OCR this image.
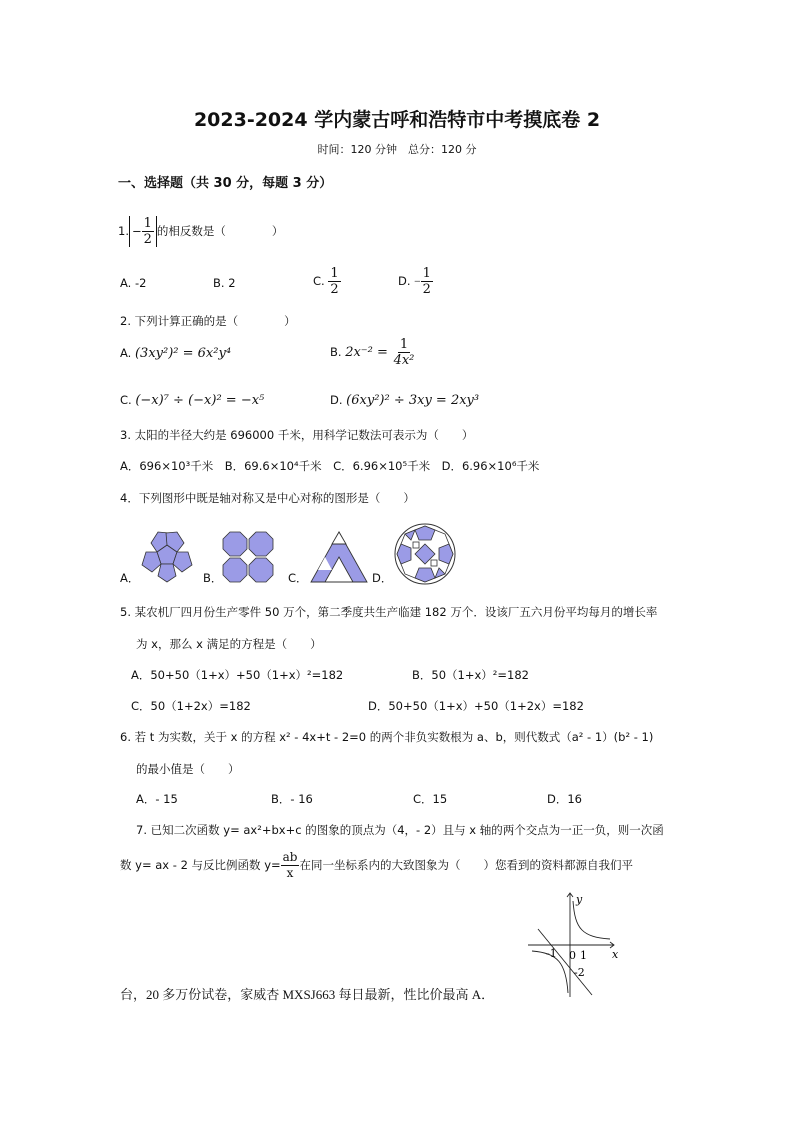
2023-2024 学内蒙古呼和浩特市中考摸底卷 2
时间：120 分钟　总分：120 分
一、选择题（共 30 分，每题 3 分）
1. − $\frac{1}{2}$ 的相反数是（　　　　）
A. -2	B. 2	C. $\frac{1}{2}$	D. − $\frac{1}{2}$
2. 下列计算正确的是（　　　　）
A. (3xy²)² = 6x²y⁴	B. $2x^{-2} = \frac{1}{\text{4x²}}$
C. (−x)⁷ ÷ (−x)² = −x⁵	D. (6xy²)² ÷ 3xy = 2xy³
3. 太阳的半径大约是 696000 千米，用科学记数法可表示为（　　）
A．696×10³千米　B．69.6×10⁴千米　C．6.96×10⁵千米　D．6.96×10⁶千米
4．下列图形中既是轴对称又是中心对称的图形是（　　）
A．	B．	C．	D．
5. 某农机厂四月份生产零件 50 万个，第二季度共生产临建 182 万个．设该厂五六月份平均每月的增长率
为 x，那么 x 满足的方程是（　　）
A．50+50（1+x）+50（1+x）²=182	B．50（1+x）²=182
C．50（1+2x）=182	D．50+50（1+x）+50（1+2x）=182
6. 若 t 为实数，关于 x 的方程 x² - 4x+t - 2=0 的两个非负实数根为 a、b，则代数式（a² - 1）(b² - 1)
的最小值是（　　）
A．- 15	B．- 16	C．15	D．16
7. 已知二次函数 y= ax²+bx+c 的图象的顶点为（4，- 2）且与 x 轴的两个交点为一正一负，则一次函
数 y= ax - 2 与反比例函数 $y= \frac{ab}{x}$ 在同一坐标系内的大致图象为（　　）您看到的资料都源自我们平
y
x
-1 0 1
-2
台，20 多万份试卷，家威杏 MXSJ663 每日最新，性比价最高 A．
